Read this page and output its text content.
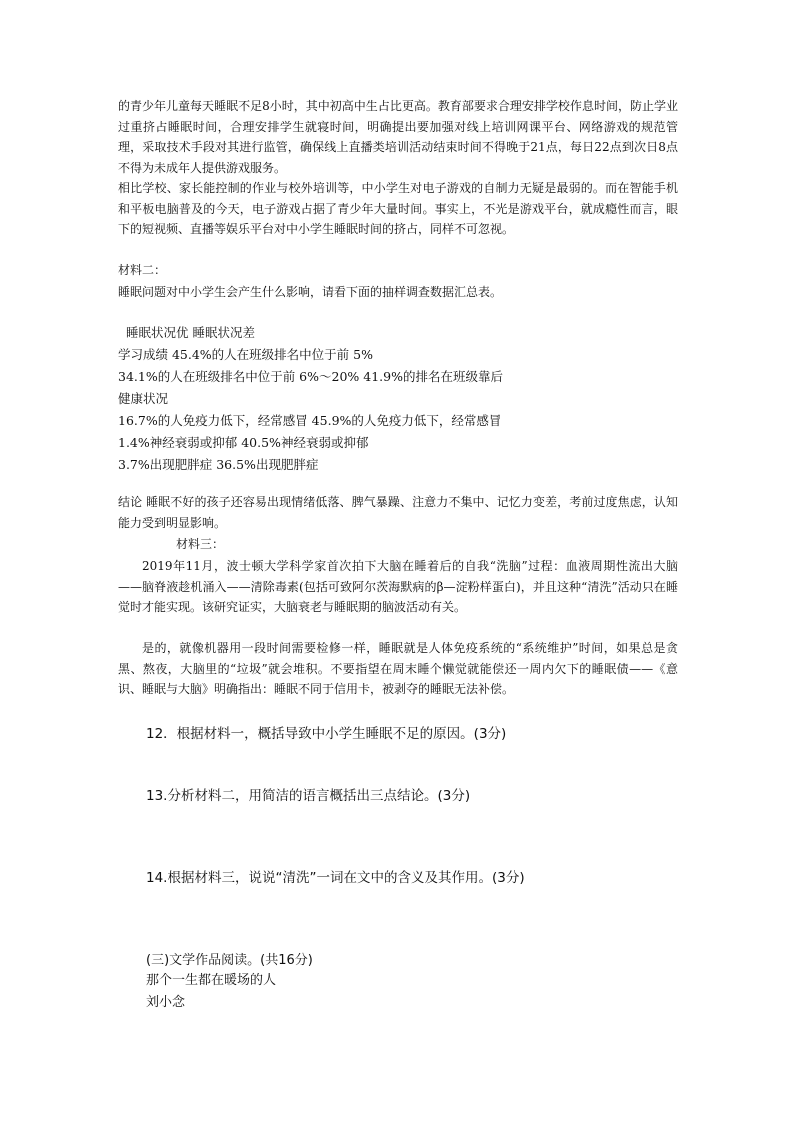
的青少年儿童每天睡眠不足8小时，其中初高中生占比更高。教育部要求合理安排学校作息时间，防止学业过重挤占睡眠时间，合理安排学生就寝时间，明确提出要加强对线上培训网课平台、网络游戏的规范管理，采取技术手段对其进行监管，确保线上直播类培训活动结束时间不得晚于21点，每日22点到次日8点不得为未成年人提供游戏服务。

相比学校、家长能控制的作业与校外培训等，中小学生对电子游戏的自制力无疑是最弱的。而在智能手机和平板电脑普及的今天，电子游戏占据了青少年大量时间。事实上，不光是游戏平台，就成瘾性而言，眼下的短视频、直播等娱乐平台对中小学生睡眠时间的挤占，同样不可忽视。

材料二：

睡眠问题对中小学生会产生什么影响，请看下面的抽样调查数据汇总表。

睡眠状况优 睡眠状况差

学习成绩 45.4%的人在班级排名中位于前 5%

34.1%的人在班级排名中位于前 6%～20% 41.9%的排名在班级靠后

健康状况

16.7%的人免疫力低下，经常感冒 45.9%的人免疫力低下，经常感冒

1.4%神经衰弱或抑郁 40.5%神经衰弱或抑郁

3.7%出现肥胖症 36.5%出现肥胖症

结论 睡眠不好的孩子还容易出现情绪低落、脾气暴躁、注意力不集中、记忆力变差，考前过度焦虑，认知能力受到明显影响。

材料三：

2019年11月，波士顿大学科学家首次拍下大脑在睡着后的自我“洗脑”过程：血液周期性流出大脑——脑脊液趁机涌入——清除毒素(包括可致阿尔茨海默病的β—淀粉样蛋白)，并且这种“清洗”活动只在睡觉时才能实现。该研究证实，大脑衰老与睡眠期的脑波活动有关。

是的，就像机器用一段时间需要检修一样，睡眠就是人体免疫系统的“系统维护”时间，如果总是贪黑、熬夜，大脑里的“垃圾”就会堆积。不要指望在周末睡个懒觉就能偿还一周内欠下的睡眠债——《意识、睡眠与大脑》明确指出：睡眠不同于信用卡，被剥夺的睡眠无法补偿。

12．根据材料一，概括导致中小学生睡眠不足的原因。(3分)

13.分析材料二，用简洁的语言概括出三点结论。(3分)

14.根据材料三，说说“清洗”一词在文中的含义及其作用。(3分)

(三)文学作品阅读。(共16分)

那个一生都在暖场的人

刘小念
